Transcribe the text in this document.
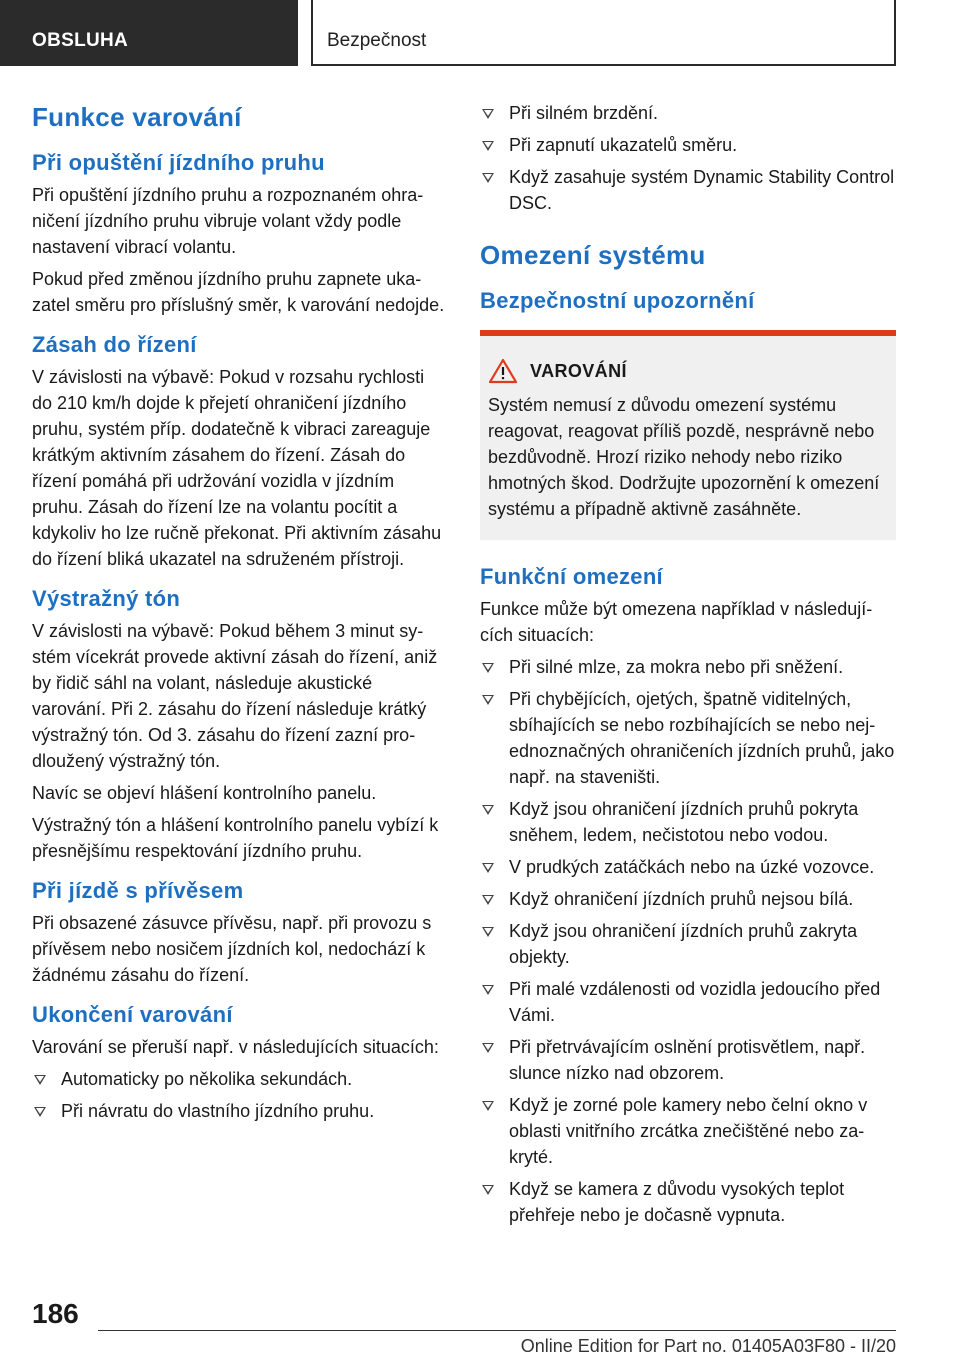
OBSLUHA	Bezpečnost
Funkce varování
Při opuštění jízdního pruhu

Při opuštění jízdního pruhu a rozpoznaném ohraničení jízdního pruhu vibruje volant vždy podle nastavení vibrací volantu.

Pokud před změnou jízdního pruhu zapnete ukazatel směru pro příslušný směr, k varování nedojde.

Zásah do řízení

V závislosti na výbavě: Pokud v rozsahu rychlosti do 210 km/h dojde k přejetí ohraničení jízdního pruhu, systém příp. dodatečně k vibraci zareaguje krátkým aktivním zásahem do řízení. Zásah do řízení pomáhá při udržování vozidla v jízdním pruhu. Zásah do řízení lze na volantu pocítit a kdykoliv ho lze ručně překonat. Při aktivním zásahu do řízení bliká ukazatel na sdruženém přístroji.

Výstražný tón

V závislosti na výbavě: Pokud během 3 minut systém vícekrát provede aktivní zásah do řízení, aniž by řidič sáhl na volant, následuje akustické varování. Při 2. zásahu do řízení následuje krátký výstražný tón. Od 3. zásahu do řízení zazní prodloužený výstražný tón.

Navíc se objeví hlášení kontrolního panelu.

Výstražný tón a hlášení kontrolního panelu vybízí k přesnějšímu respektování jízdního pruhu.

Při jízdě s přívěsem

Při obsazené zásuvce přívěsu, např. při provozu s přívěsem nebo nosičem jízdních kol, nedochází k žádnému zásahu do řízení.

Ukončení varování

Varování se přeruší např. v následujících situacích:

Automaticky po několika sekundách.
Při návratu do vlastního jízdního pruhu.
Při silném brzdění.
Při zapnutí ukazatelů směru.
Když zasahuje systém Dynamic Stability Control DSC.
Omezení systému
Bezpečnostní upozornění
VAROVÁNÍ

Systém nemusí z důvodu omezení systému reagovat, reagovat příliš pozdě, nesprávně nebo bezdůvodně. Hrozí riziko nehody nebo riziko hmotných škod. Dodržujte upozornění k omezení systému a případně aktivně zasáhněte.

Funkční omezení

Funkce může být omezena například v následujících situacích:

Při silné mlze, za mokra nebo při sněžení.
Při chybějících, ojetých, špatně viditelných, sbíhajících se nebo rozbíhajících se nebo nejednoznačných ohraničeních jízdních pruhů, jako např. na staveništi.
Když jsou ohraničení jízdních pruhů pokryta sněhem, ledem, nečistotou nebo vodou.
V prudkých zatáčkách nebo na úzké vozovce.
Když ohraničení jízdních pruhů nejsou bílá.
Když jsou ohraničení jízdních pruhů zakryta objekty.
Při malé vzdálenosti od vozidla jedoucího před Vámi.
Při přetrvávajícím oslnění protisvětlem, např. slunce nízko nad obzorem.
Když je zorné pole kamery nebo čelní okno v oblasti vnitřního zrcátka znečištěné nebo zakryté.
Když se kamera z důvodu vysokých teplot přehřeje nebo je dočasně vypnuta.
186
Online Edition for Part no. 01405A03F80 - II/20
